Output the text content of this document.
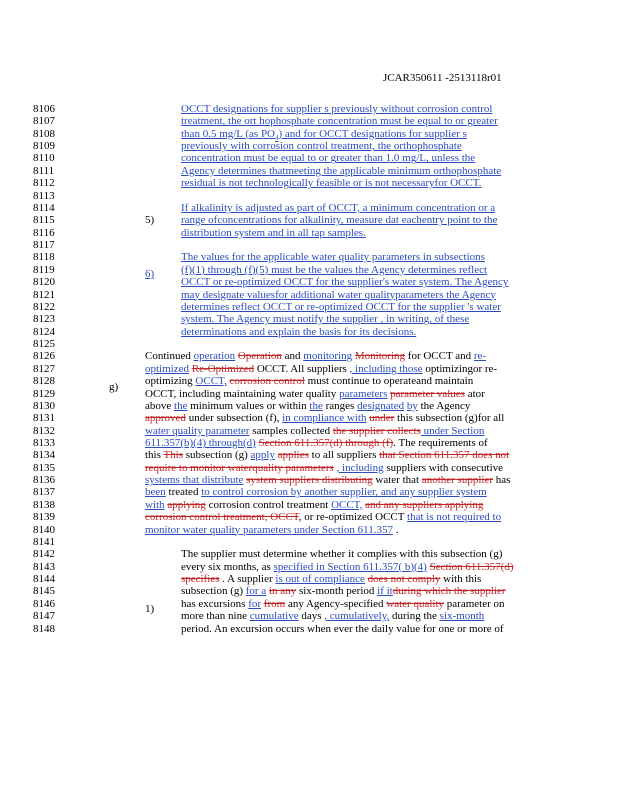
JCAR350611 -2513118r01
8106
8107
8108
8109
8110
8111
8112
8113
8114
8115
8116
8117
8118
8119
8120
8121
8122
8123
8124
8125
8126
8127
8128
8129
8130
8131
8132
8133
8134
8135
8136
8137
8138
8139
8140
8141
8142
8143
8144
8145
8146
8147
8148
5)
6)
g)
1)
OCCT designations for supplier s previously without corrosion control
treatment, the ort hophosphate concentration must be equal to or greater
than 0.5 mg/L (as $PO_4$) and for OCCT designations for supplier s
previously with corrosion control treatment, the orthophosphate
concentration must be equal to or greater than 1.0 mg/L, unless the
Agency determines thatmeeting the applicable minimum orthophosphate
residual is not technologically feasible or is not necessaryfor OCCT.
If alkalinity is adjusted as part of OCCT, a minimum concentration or a
range ofconcentrations for alkalinity, measure dat eachentry point to the
distribution system and in all tap samples.
The values for the applicable water quality parameters in subsections
(f)(1) through (f)(5) must be the values the Agency determines reflect
OCCT or re-optimized OCCT for the supplier's water system. The Agency
may designate valuesfor additional water qualityparameters the Agency
determines reflect OCCT or re-optimized OCCT for the supplier 's water
system. The Agency must notify the supplier , in writing, of these
determinations and explain the basis for its decisions.
Continued operation Operation and monitoring Monitoring for OCCT and re-
optimized Re-Optimized OCCT. All suppliers , including those optimizingor re-
optimizing OCCT, corrosion control must continue to operateand maintain
OCCT, including maintaining water quality parameters parameter values ator
above the minimum values or within the ranges designated by the Agency
approved under subsection (f), in compliance with under this subsection (g)for all
water quality parameter samples collected the supplier collects under Section
611.357(b)(4) through(d) Section 611.357(d) through (f). The requirements of
this This subsection (g) apply applies to all suppliers that Section 611.357 does not
require to monitor waterquality parameters , including suppliers with consecutive
systems that distribute system suppliers distributing water that another supplier has
been treated to control corrosion by another supplier, and any supplier system
with applying corrosion control treatment OCCT, and any suppliers applying
corrosion control treatment, OCCT, or re-optimized OCCT that is not required to
monitor water quality parameters under Section 611.357 .
The supplier must determine whether it complies with this subsection (g)
every six months, as specified in Section 611.357( b)(4) Section 611.357(d)
specifies . A supplier is out of compliance does not comply with this
subsection (g) for a in any six-month period if itduring which the supplier
has excursions for from any Agency-specified water quality parameter on
more than nine cumulative days , cumulatively, during the six-month
period. An excursion occurs when ever the daily value for one or more of
